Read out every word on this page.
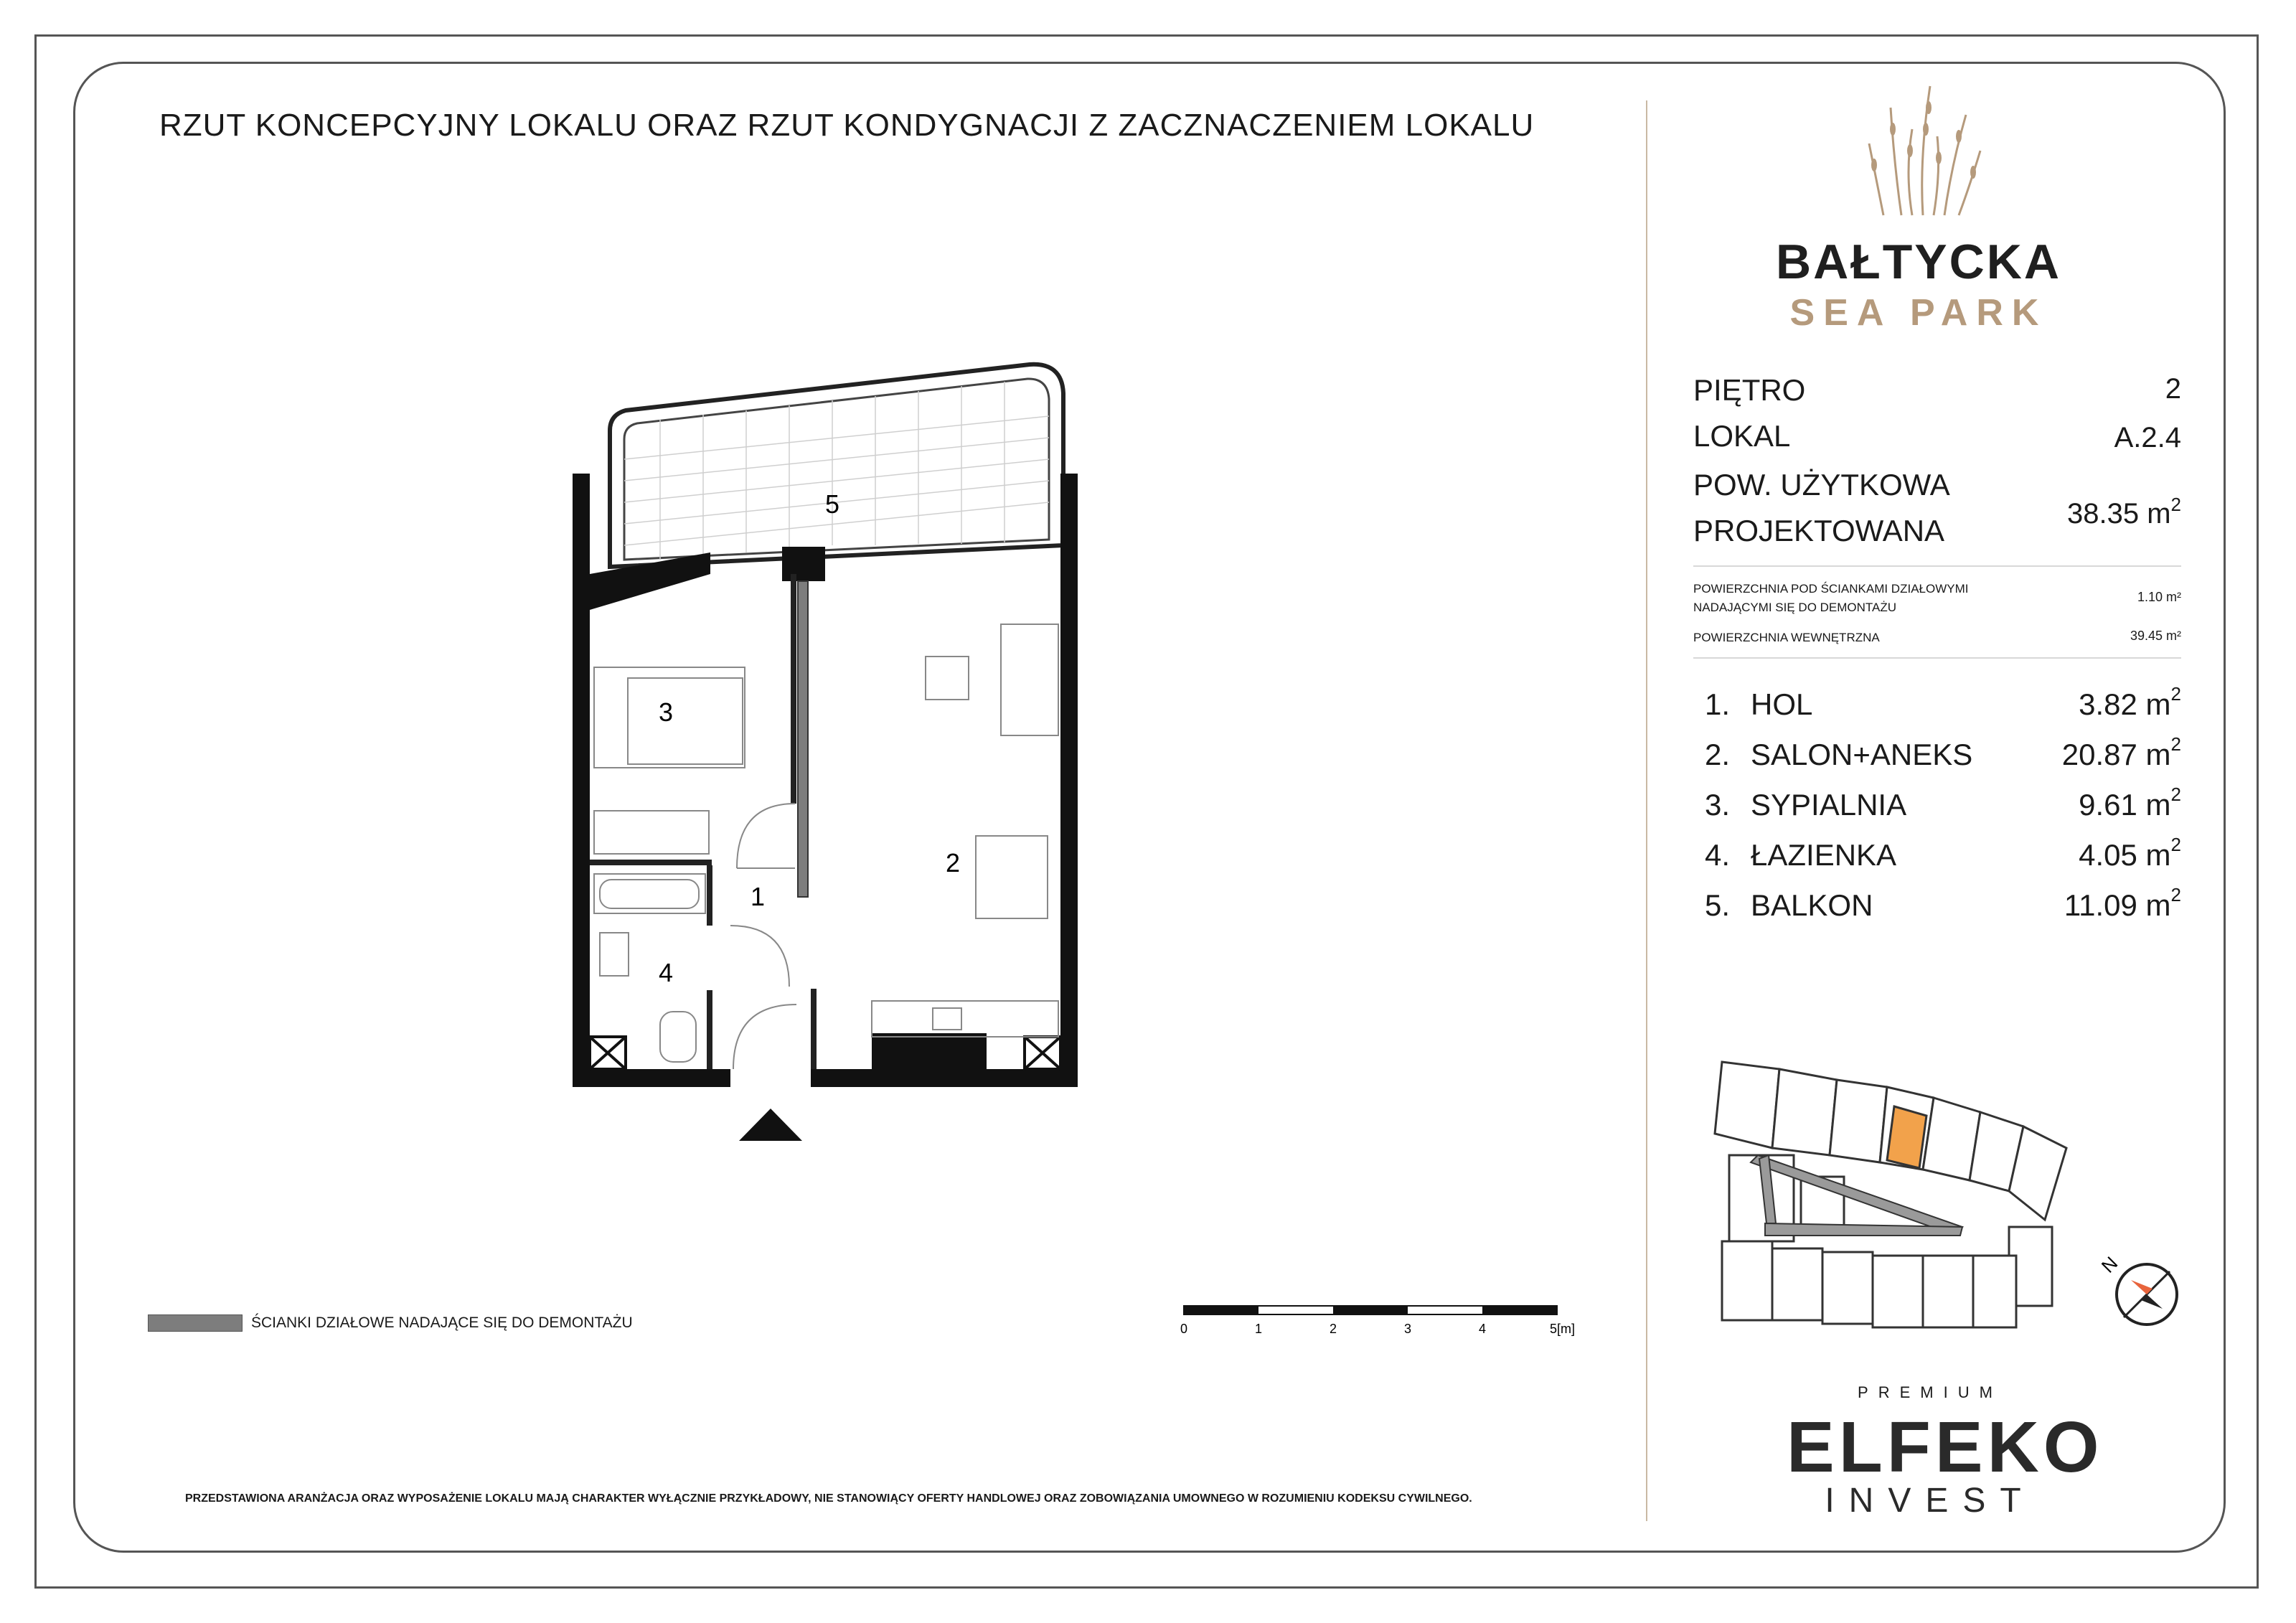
RZUT KONCEPCYJNY LOKALU ORAZ RZUT KONDYGNACJI Z ZACZNACZENIEM LOKALU
5
3
2
1
4
ŚCIANKI DZIAŁOWE NADAJĄCE SIĘ DO DEMONTAŻU	0	1	2	3	4	5[m]
PRZEDSTAWIONA ARANŻACJA ORAZ WYPOSAŻENIE LOKALU MAJĄ CHARAKTER WYŁĄCZNIE PRZYKŁADOWY, NIE STANOWIĄCY OFERTY HANDLOWEJ ORAZ ZOBOWIĄZANIA UMOWNEGO W ROZUMIENIU KODEKSU CYWILNEGO.
BAŁTYCKA
SEA PARK
PIĘTRO	2
LOKAL	A.2.4
POW. UŻYTKOWA
PROJEKTOWANA	38.35 $m^2$
POWIERZCHNIA POD ŚCIANKAMI DZIAŁOWYMI
NADAJĄCYMI SIĘ DO DEMONTAŻU
1.10 m²
POWIERZCHNIA WEWNĘTRZNA	39.45 m²
1. HOL	3.82 $m^2$
2. SALON+ANEKS	20.87 $m^2$
3. SYPIALNIA	9.61 $m^2$
4. ŁAZIENKA	4.05 $m^2$
5. BALKON	11.09 $m^2$
N
PREMIUM
ELFEKO
INVEST
